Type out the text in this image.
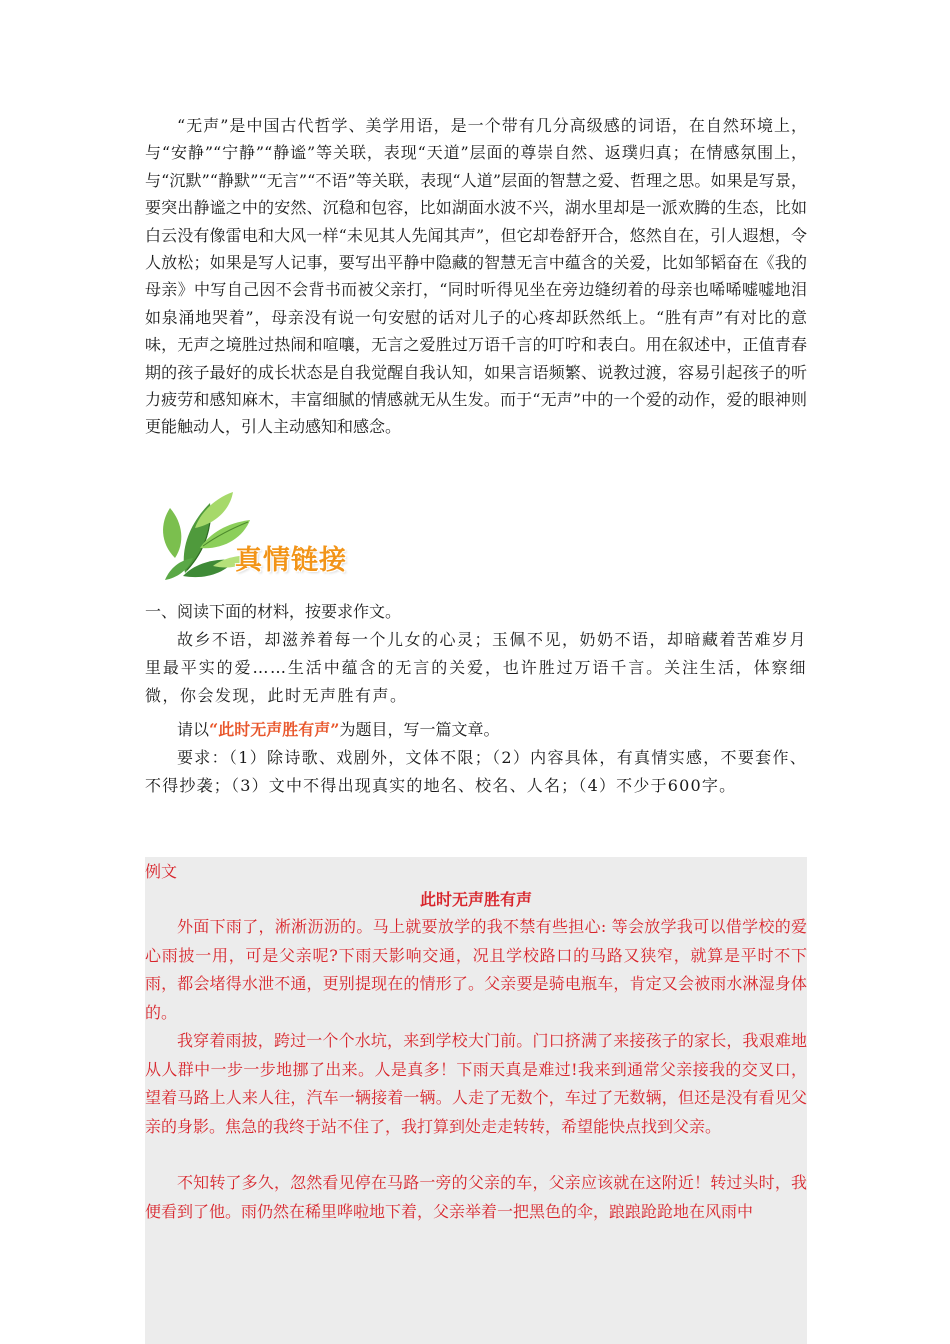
“无声”是中国古代哲学、美学用语，是一个带有几分高级感的词语，在自然环境上，与“安静”“宁静”“静谧”等关联，表现“天道”层面的尊崇自然、返璞归真；在情感氛围上，与“沉默”“静默”“无言”“不语”等关联，表现“人道”层面的智慧之爱、哲理之思。如果是写景，要突出静谧之中的安然、沉稳和包容，比如湖面水波不兴，湖水里却是一派欢腾的生态，比如白云没有像雷电和大风一样“未见其人先闻其声”，但它却卷舒开合，悠然自在，引人遐想，令人放松；如果是写人记事，要写出平静中隐藏的智慧无言中蕴含的关爱，比如邹韬奋在《我的母亲》中写自己因不会背书而被父亲打，“同时听得见坐在旁边缝纫着的母亲也唏唏嘘嘘地泪如泉涌地哭着”，母亲没有说一句安慰的话对儿子的心疼却跃然纸上。“胜有声”有对比的意味，无声之境胜过热闹和喧嚷，无言之爱胜过万语千言的叮咛和表白。用在叙述中，正值青春期的孩子最好的成长状态是自我觉醒自我认知，如果言语频繁、说教过渡，容易引起孩子的听力疲劳和感知麻木，丰富细腻的情感就无从生发。而于“无声”中的一个爱的动作，爱的眼神则更能触动人，引人主动感知和感念。

真情链接

一、阅读下面的材料，按要求作文。

故乡不语，却滋养着每一个儿女的心灵；玉佩不见，奶奶不语，却暗藏着苦难岁月里最平实的爱……生活中蕴含的无言的关爱，也许胜过万语千言。关注生活，体察细微，你会发现，此时无声胜有声。

请以“此时无声胜有声”为题目，写一篇文章。

要求：（1）除诗歌、戏剧外，文体不限；（2）内容具体，有真情实感，不要套作、不得抄袭；（3）文中不得出现真实的地名、校名、人名；（4）不少于600字。

例文
此时无声胜有声

外面下雨了，淅淅沥沥的。马上就要放学的我不禁有些担心: 等会放学我可以借学校的爱心雨披一用，可是父亲呢?下雨天影响交通，况且学校路口的马路又狭窄，就算是平时不下雨，都会堵得水泄不通，更别提现在的情形了。父亲要是骑电瓶车，肯定又会被雨水淋湿身体的。

我穿着雨披，跨过一个个水坑，来到学校大门前。门口挤满了来接孩子的家长，我艰难地从人群中一步一步地挪了出来。人是真多！下雨天真是难过!我来到通常父亲接我的交叉口，望着马路上人来人往，汽车一辆接着一辆。人走了无数个，车过了无数辆，但还是没有看见父亲的身影。焦急的我终于站不住了，我打算到处走走转转，希望能快点找到父亲。

不知转了多久，忽然看见停在马路一旁的父亲的车，父亲应该就在这附近！转过头时，我便看到了他。雨仍然在稀里哗啦地下着，父亲举着一把黑色的伞，踉踉跄跄地在风雨中
